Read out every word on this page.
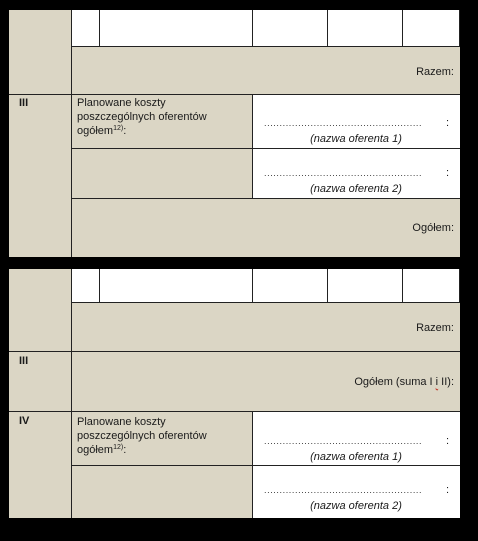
Razem:
III	Planowane koszty poszczególnych oferentów ogółem$^{12)}$:
................................................... :
(nazwa oferenta 1)
................................................... :
(nazwa oferenta 2)
Ogółem:
Razem:
III
Ogółem (suma I i II):
IV	Planowane koszty poszczególnych oferentów ogółem$^{12)}$:
................................................... :
(nazwa oferenta 1)
................................................... :
(nazwa oferenta 2)
